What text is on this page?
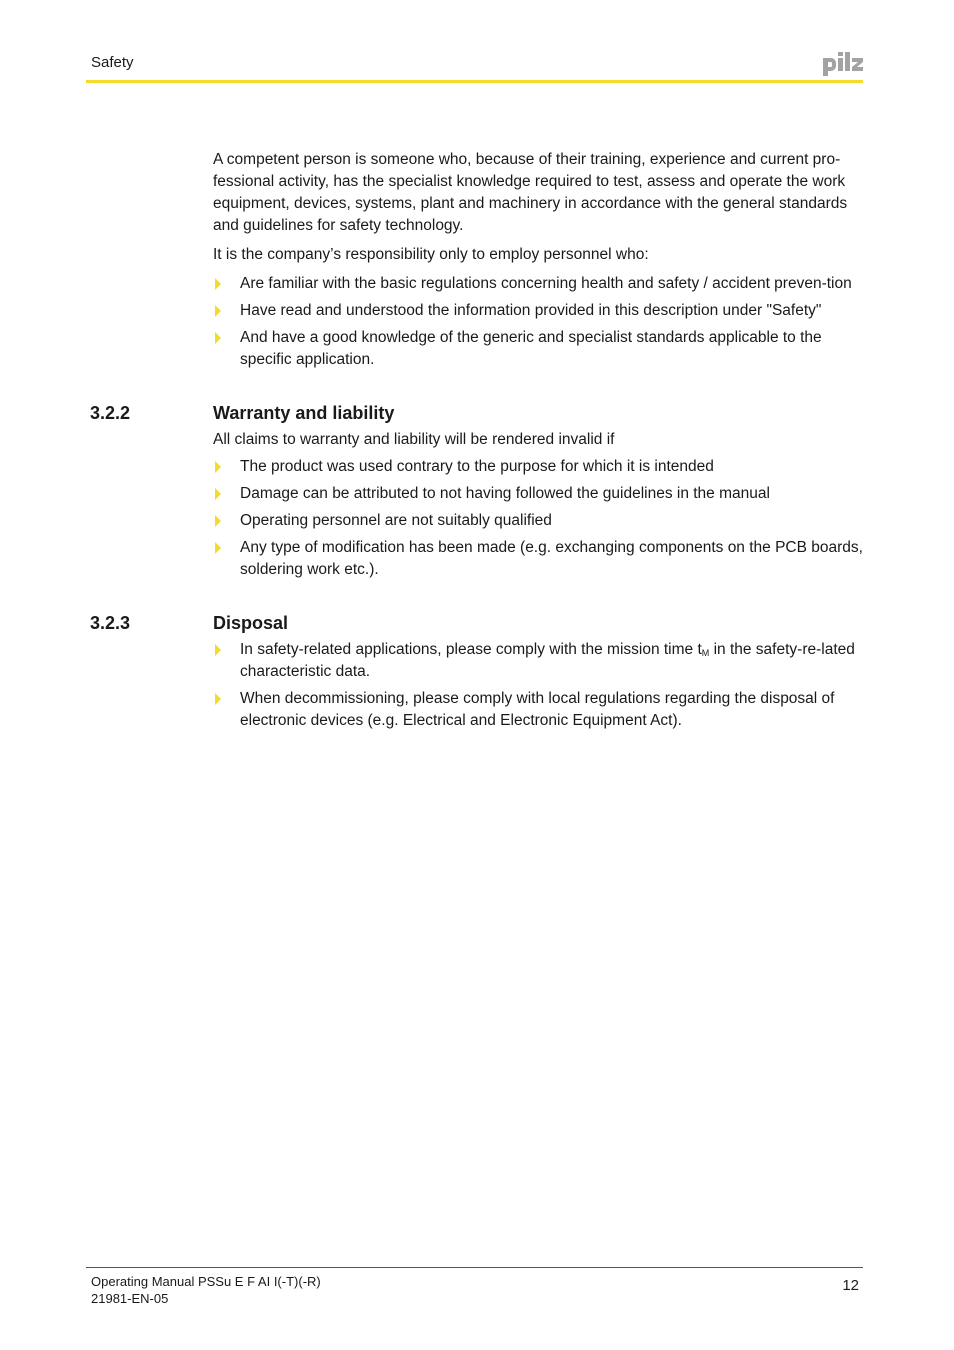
Safety

A competent person is someone who, because of their training, experience and current pro-fessional activity, has the specialist knowledge required to test, assess and operate the work equipment, devices, systems, plant and machinery in accordance with the general standards and guidelines for safety technology.

It is the company’s responsibility only to employ personnel who:

Are familiar with the basic regulations concerning health and safety / accident preven-tion
Have read and understood the information provided in this description under "Safety"
And have a good knowledge of the generic and specialist standards applicable to the specific application.
3.2.2	Warranty and liability

All claims to warranty and liability will be rendered invalid if

The product was used contrary to the purpose for which it is intended
Damage can be attributed to not having followed the guidelines in the manual
Operating personnel are not suitably qualified
Any type of modification has been made (e.g. exchanging components on the PCB boards, soldering work etc.).
3.2.3	Disposal
In safety-related applications, please comply with the mission time $t_M$ in the safety-re-lated characteristic data.
When decommissioning, please comply with local regulations regarding the disposal of electronic devices (e.g. Electrical and Electronic Equipment Act).
Operating Manual PSSu E F AI I(-T)(-R)
21981-EN-05
12
